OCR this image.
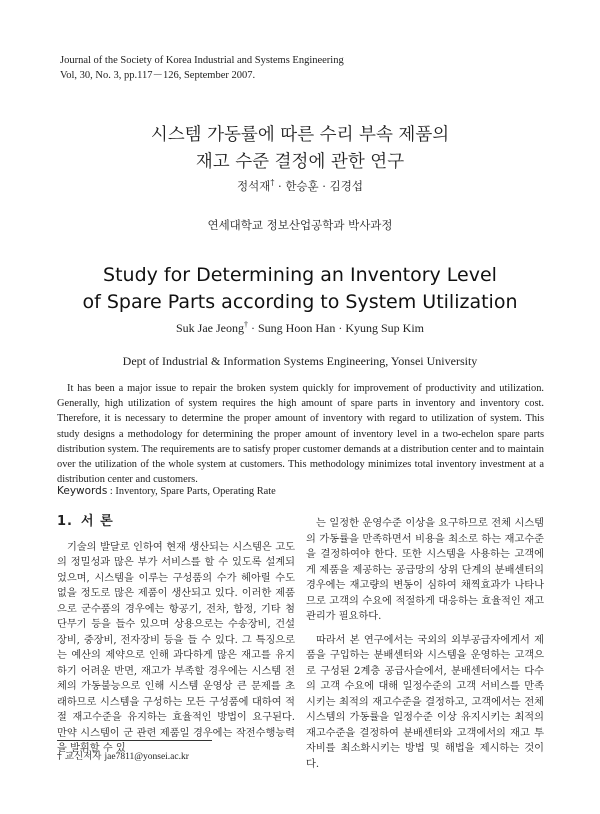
Journal of the Society of Korea Industrial and Systems Engineering
Vol, 30, No. 3, pp.117－126, September 2007.
시스템 가동률에 따른 수리 부속 제품의
재고 수준 결정에 관한 연구
정석재† · 한승훈 · 김경섭
연세대학교 정보산업공학과 박사과정
Study for Determining an Inventory Level
of Spare Parts according to System Utilization
Suk Jae Jeong† · Sung Hoon Han · Kyung Sup Kim
Dept of Industrial & Information Systems Engineering, Yonsei University

It has been a major issue to repair the broken system quickly for improvement of productivity and utilization. Generally, high utilization of system requires the high amount of spare parts in inventory and inventory cost. Therefore, it is necessary to determine the proper amount of inventory with regard to utilization of system. This study designs a methodology for determining the proper amount of inventory level in a two-echelon spare parts distribution system. The requirements are to satisfy proper customer demands at a distribution center and to maintain over the utilization of the whole system at customers. This methodology minimizes total inventory investment at a distribution center and customers.

Keywords : Inventory, Spare Parts, Operating Rate
1. 서 론

기술의 발달로 인하여 현재 생산되는 시스템은 고도의 정밀성과 많은 부가 서비스를 할 수 있도록 설계되었으며, 시스템을 이루는 구성품의 수가 헤아릴 수도 없을 정도로 많은 제품이 생산되고 있다. 이러한 제품으로 군수품의 경우에는 항공기, 전차, 함정, 기타 첨단무기 등을 들수 있으며 상용으로는 수송장비, 건설장비, 중장비, 전자장비 등을 들 수 있다. 그 특징으로는 예산의 제약으로 인해 과다하게 많은 재고를 유지하기 어려운 반면, 재고가 부족할 경우에는 시스템 전체의 가동불능으로 인해 시스템 운영상 큰 문제를 초래하므로 시스템을 구성하는 모든 구성품에 대하여 적절 재고수준을 유지하는 효율적인 방법이 요구된다. 만약 시스템이 군 관련 제품일 경우에는 작전수행능력을 발휘할 수 있

는 일정한 운영수준 이상을 요구하므로 전체 시스템의 가동률을 만족하면서 비용을 최소로 하는 재고수준을 결정하여야 한다. 또한 시스템을 사용하는 고객에게 제품을 제공하는 공급망의 상위 단계의 분배센터의 경우에는 재고량의 변동이 심하여 채찍효과가 나타나므로 고객의 수요에 적절하게 대응하는 효율적인 재고관리가 필요하다.

따라서 본 연구에서는 국외의 외부공급자에게서 제품을 구입하는 분배센터와 시스템을 운영하는 고객으로 구성된 2계층 공급사슬에서, 분배센터에서는 다수의 고객 수요에 대해 일정수준의 고객 서비스를 만족시키는 최적의 재고수준을 결정하고, 고객에서는 전체 시스템의 가동률을 일정수준 이상 유지시키는 최적의 재고수준을 결정하여 분배센터와 고객에서의 재고 투자비를 최소화시키는 방법 및 해법을 제시하는 것이다.

† 교신저자 jae7811@yonsei.ac.kr
